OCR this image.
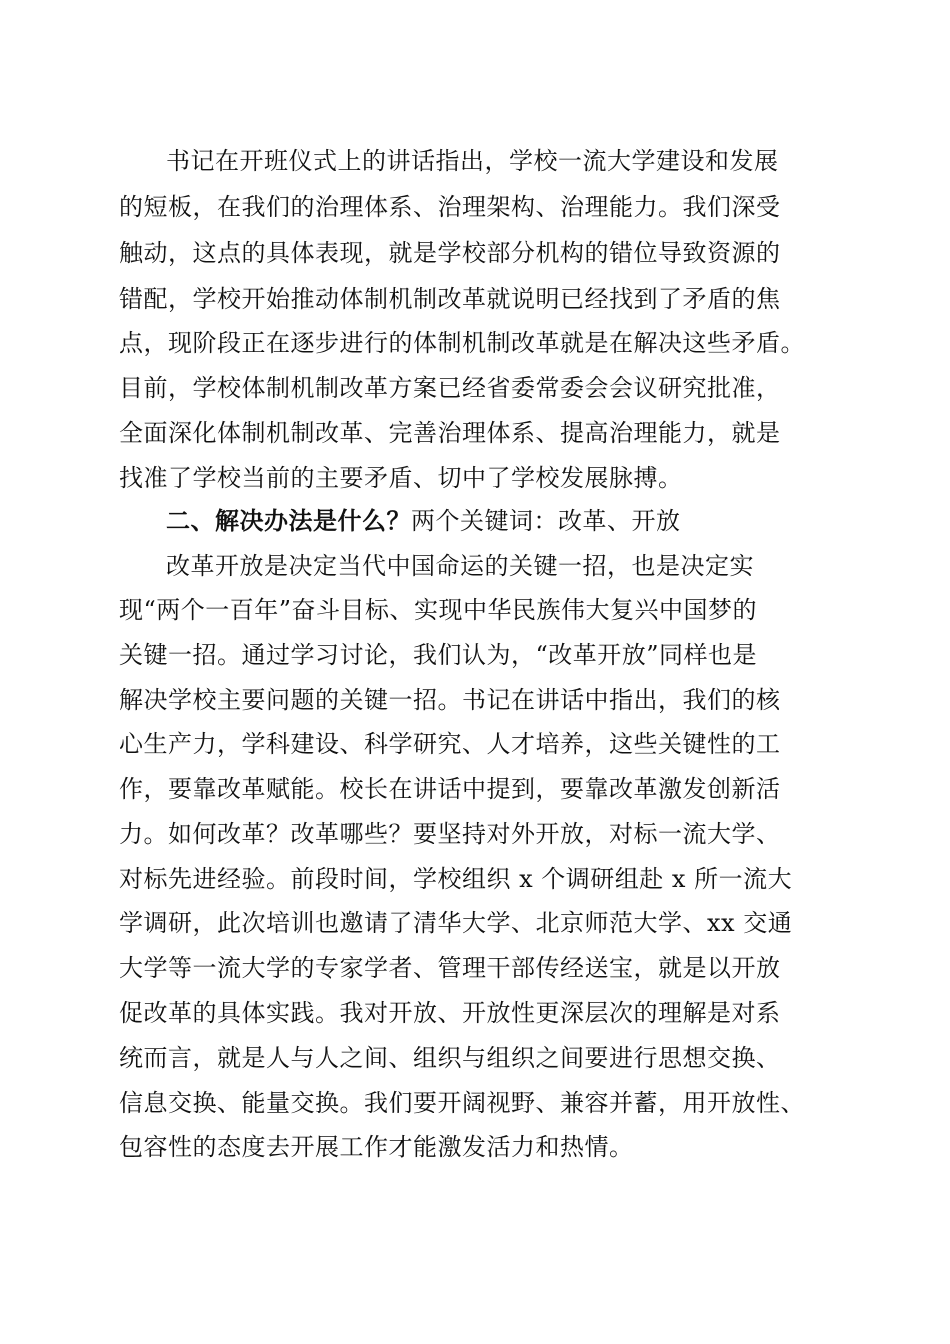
书记在开班仪式上的讲话指出，学校一流大学建设和发展
的短板，在我们的治理体系、治理架构、治理能力。我们深受
触动，这点的具体表现，就是学校部分机构的错位导致资源的
错配，学校开始推动体制机制改革就说明已经找到了矛盾的焦
点，现阶段正在逐步进行的体制机制改革就是在解决这些矛盾。
目前，学校体制机制改革方案已经省委常委会会议研究批准，
全面深化体制机制改革、完善治理体系、提高治理能力，就是
找准了学校当前的主要矛盾、切中了学校发展脉搏。
二、解决办法是什么？两个关键词：改革、开放
改革开放是决定当代中国命运的关键一招，也是决定实
现“两个一百年”奋斗目标、实现中华民族伟大复兴中国梦的
关键一招。通过学习讨论，我们认为，“改革开放”同样也是
解决学校主要问题的关键一招。书记在讲话中指出，我们的核
心生产力，学科建设、科学研究、人才培养，这些关键性的工
作，要靠改革赋能。校长在讲话中提到，要靠改革激发创新活
力。如何改革？改革哪些？要坚持对外开放，对标一流大学、
对标先进经验。前段时间，学校组织 x 个调研组赴 x 所一流大
学调研，此次培训也邀请了清华大学、北京师范大学、xx 交通
大学等一流大学的专家学者、管理干部传经送宝，就是以开放
促改革的具体实践。我对开放、开放性更深层次的理解是对系
统而言，就是人与人之间、组织与组织之间要进行思想交换、
信息交换、能量交换。我们要开阔视野、兼容并蓄，用开放性、
包容性的态度去开展工作才能激发活力和热情。
